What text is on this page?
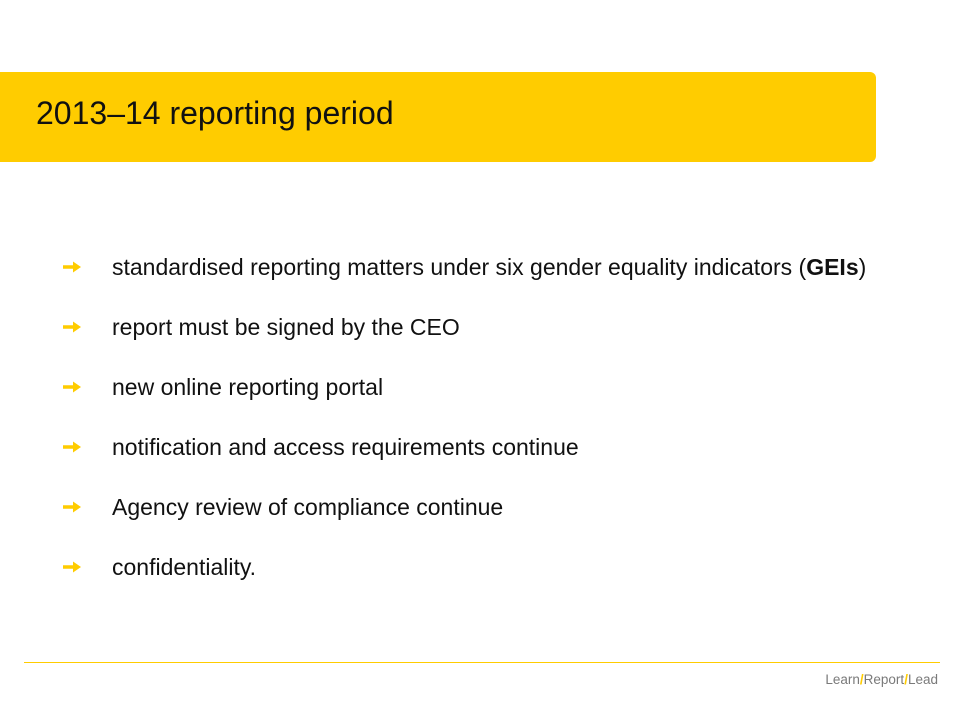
2013–14 reporting period
standardised reporting matters under six gender equality indicators (GEIs)
report must be signed by the CEO
new online reporting portal
notification and access requirements continue
Agency review of compliance continue
confidentiality.
Learn/Report/Lead
